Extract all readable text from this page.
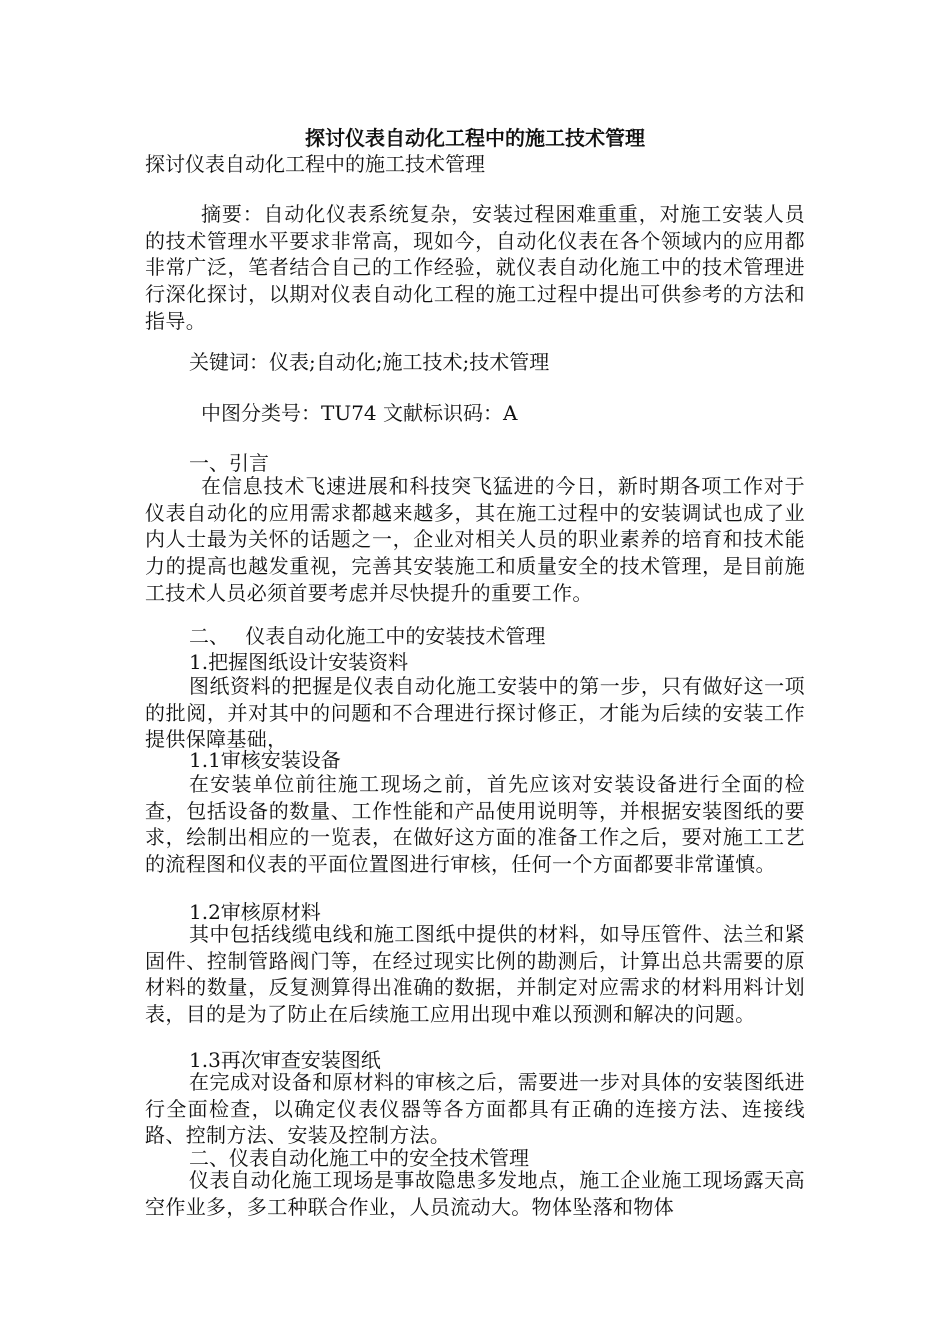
探讨仪表自动化工程中的施工技术管理
探讨仪表自动化工程中的施工技术管理
摘要：自动化仪表系统复杂，安装过程困难重重，对施工安装人员的技术管理水平要求非常高，现如今，自动化仪表在各个领域内的应用都非常广泛，笔者结合自己的工作经验，就仪表自动化施工中的技术管理进行深化探讨，以期对仪表自动化工程的施工过程中提出可供参考的方法和指导。
关键词：仪表;自动化;施工技术;技术管理
中图分类号：TU74 文献标识码：A
一、引言
在信息技术飞速进展和科技突飞猛进的今日，新时期各项工作对于仪表自动化的应用需求都越来越多，其在施工过程中的安装调试也成了业内人士最为关怀的话题之一，企业对相关人员的职业素养的培育和技术能力的提高也越发重视，完善其安装施工和质量安全的技术管理，是目前施工技术人员必须首要考虑并尽快提升的重要工作。
二、 仪表自动化施工中的安装技术管理
1.把握图纸设计安装资料
图纸资料的把握是仪表自动化施工安装中的第一步，只有做好这一项的批阅，并对其中的问题和不合理进行探讨修正，才能为后续的安装工作提供保障基础，
1.1审核安装设备
在安装单位前往施工现场之前，首先应该对安装设备进行全面的检查，包括设备的数量、工作性能和产品使用说明等，并根据安装图纸的要求，绘制出相应的一览表，在做好这方面的准备工作之后，要对施工工艺的流程图和仪表的平面位置图进行审核，任何一个方面都要非常谨慎。
1.2审核原材料
其中包括线缆电线和施工图纸中提供的材料，如导压管件、法兰和紧固件、控制管路阀门等，在经过现实比例的勘测后，计算出总共需要的原材料的数量，反复测算得出准确的数据，并制定对应需求的材料用料计划表，目的是为了防止在后续施工应用出现中难以预测和解决的问题。
1.3再次审查安装图纸
在完成对设备和原材料的审核之后，需要进一步对具体的安装图纸进行全面检查，以确定仪表仪器等各方面都具有正确的连接方法、连接线路、控制方法、安装及控制方法。
二、仪表自动化施工中的安全技术管理
仪表自动化施工现场是事故隐患多发地点，施工企业施工现场露天高空作业多，多工种联合作业，人员流动大。物体坠落和物体
